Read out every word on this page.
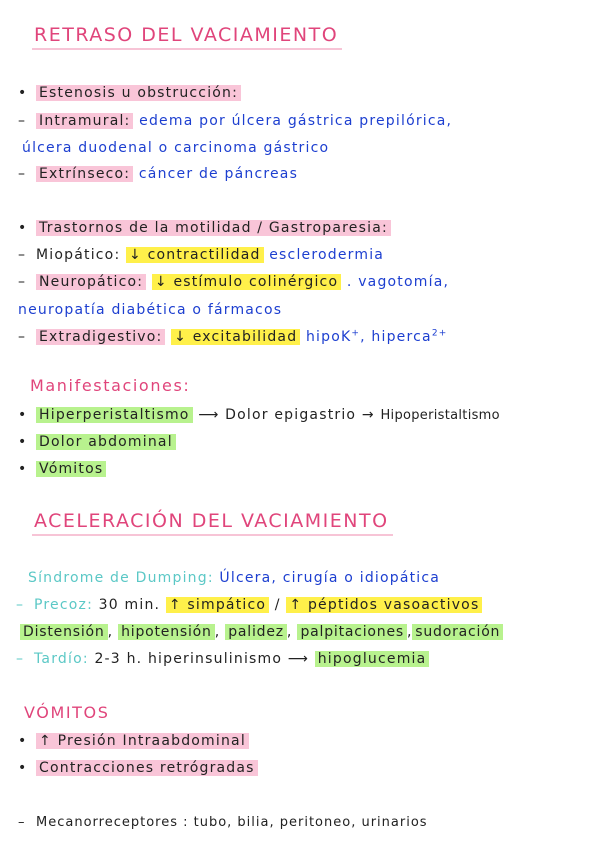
RETRASO DEL VACIAMIENTO
• Estenosis u obstrucción:
– Intramural: edema por úlcera gástrica prepilórica,
úlcera duodenal o carcinoma gástrico
– Extrínseco: cáncer de páncreas
• Trastornos de la motilidad / Gastroparesia:
– Miopático: ↓ contractilidad esclerodermia
– Neuropático: ↓ estímulo colinérgico . vagotomía,
neuropatía diabética o fármacos
– Extradigestivo: ↓ excitabilidad hipoK+, hiperca$^{2+}$
Manifestaciones:
• Hiperperistaltismo ⟶ Dolor epigastrio → Hipoperistaltismo
• Dolor abdominal
• Vómitos
ACELERACIÓN DEL VACIAMIENTO
Síndrome de Dumping: Úlcera, cirugía o idiopática
– Precoz: 30 min. ↑ simpático / ↑ péptidos vasoactivos
Distensión , hipotensión , palidez , palpitaciones , sudoración
– Tardío: 2-3 h. hiperinsulinismo ⟶ hipoglucemia
VÓMITOS
• ↑ Presión Intraabdominal
• Contracciones retrógradas
– Mecanorreceptores : tubo, bilia, peritoneo, urinarios
